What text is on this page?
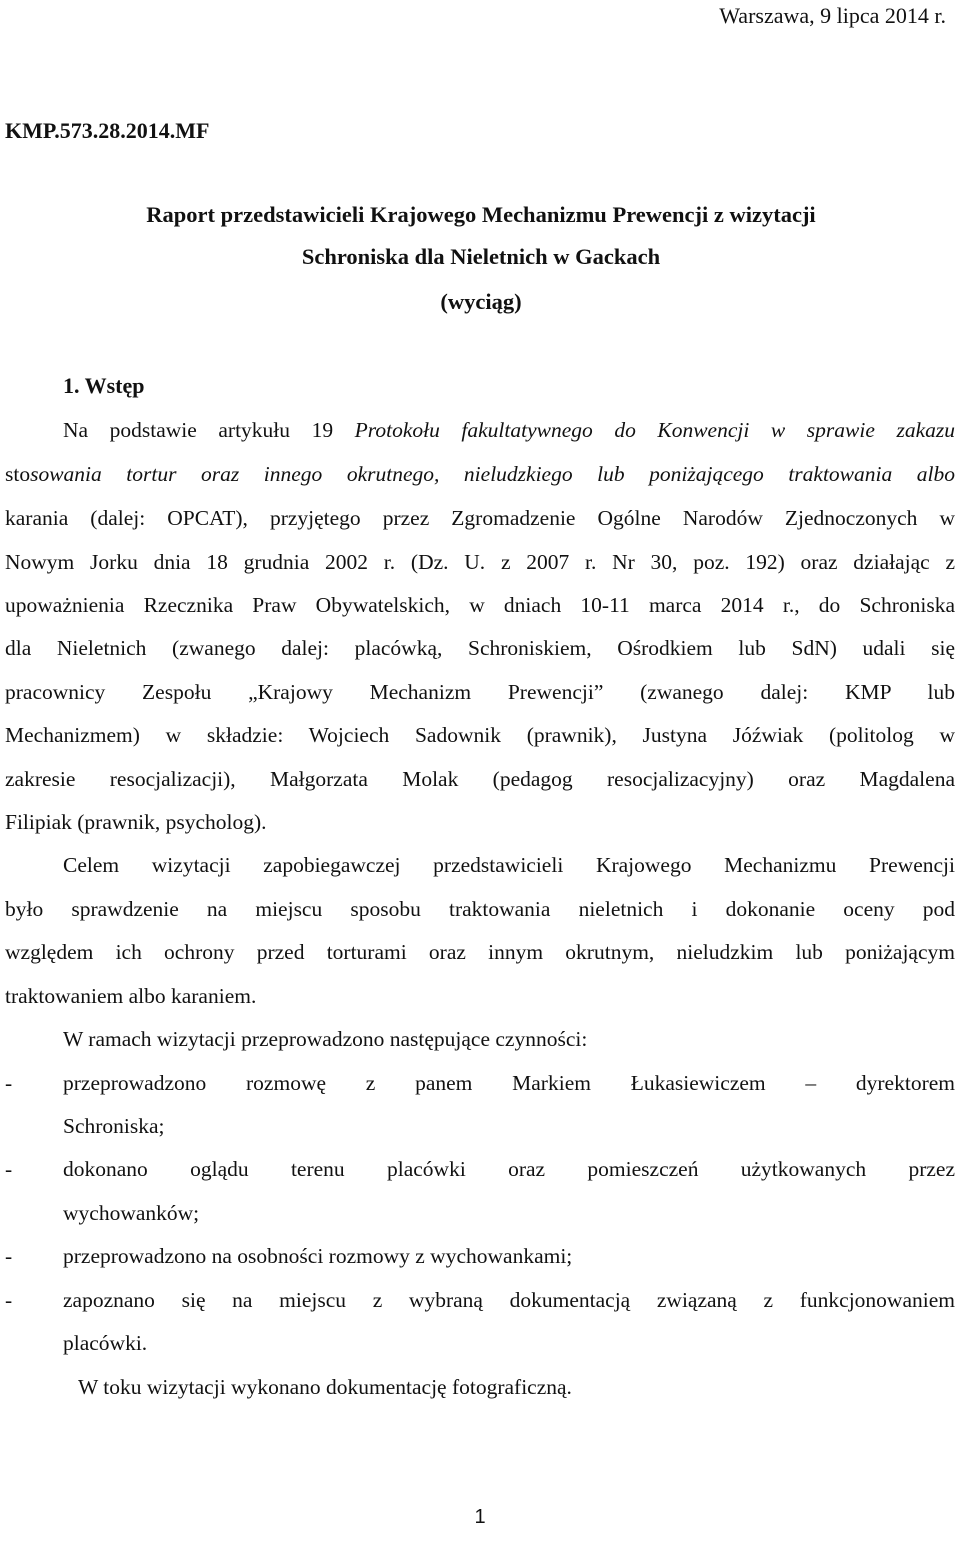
Warszawa, 9 lipca 2014 r.
KMP.573.28.2014.MF
Raport przedstawicieli Krajowego Mechanizmu Prewencji z wizytacji
Schroniska dla Nieletnich w Gackach
(wyciąg)
1. Wstęp
Na podstawie artykułu 19 Protokołu fakultatywnego do Konwencji w sprawie zakazu
stosowania tortur oraz innego okrutnego, nieludzkiego lub poniżającego traktowania albo
karania (dalej: OPCAT), przyjętego przez Zgromadzenie Ogólne Narodów Zjednoczonych w
Nowym Jorku dnia 18 grudnia 2002 r. (Dz. U. z 2007 r. Nr 30, poz. 192) oraz działając z
upoważnienia Rzecznika Praw Obywatelskich, w dniach 10-11 marca 2014 r., do Schroniska
dla Nieletnich (zwanego dalej: placówką, Schroniskiem, Ośrodkiem lub SdN) udali się
pracownicy Zespołu „Krajowy Mechanizm Prewencji” (zwanego dalej: KMP lub
Mechanizmem) w składzie: Wojciech Sadownik (prawnik), Justyna Jóźwiak (politolog w
zakresie resocjalizacji), Małgorzata Molak (pedagog resocjalizacyjny) oraz Magdalena
Filipiak (prawnik, psycholog).
Celem wizytacji zapobiegawczej przedstawicieli Krajowego Mechanizmu Prewencji
było sprawdzenie na miejscu sposobu traktowania nieletnich i dokonanie oceny pod
względem ich ochrony przed torturami oraz innym okrutnym, nieludzkim lub poniżającym
traktowaniem albo karaniem.
W ramach wizytacji przeprowadzono następujące czynności:
- przeprowadzono rozmowę z panem Markiem Łukasiewiczem – dyrektorem
Schroniska;
- dokonano oglądu terenu placówki oraz pomieszczeń użytkowanych przez
wychowanków;
- przeprowadzono na osobności rozmowy z wychowankami;
- zapoznano się na miejscu z wybraną dokumentacją związaną z funkcjonowaniem
placówki.
W toku wizytacji wykonano dokumentację fotograficzną.
1
